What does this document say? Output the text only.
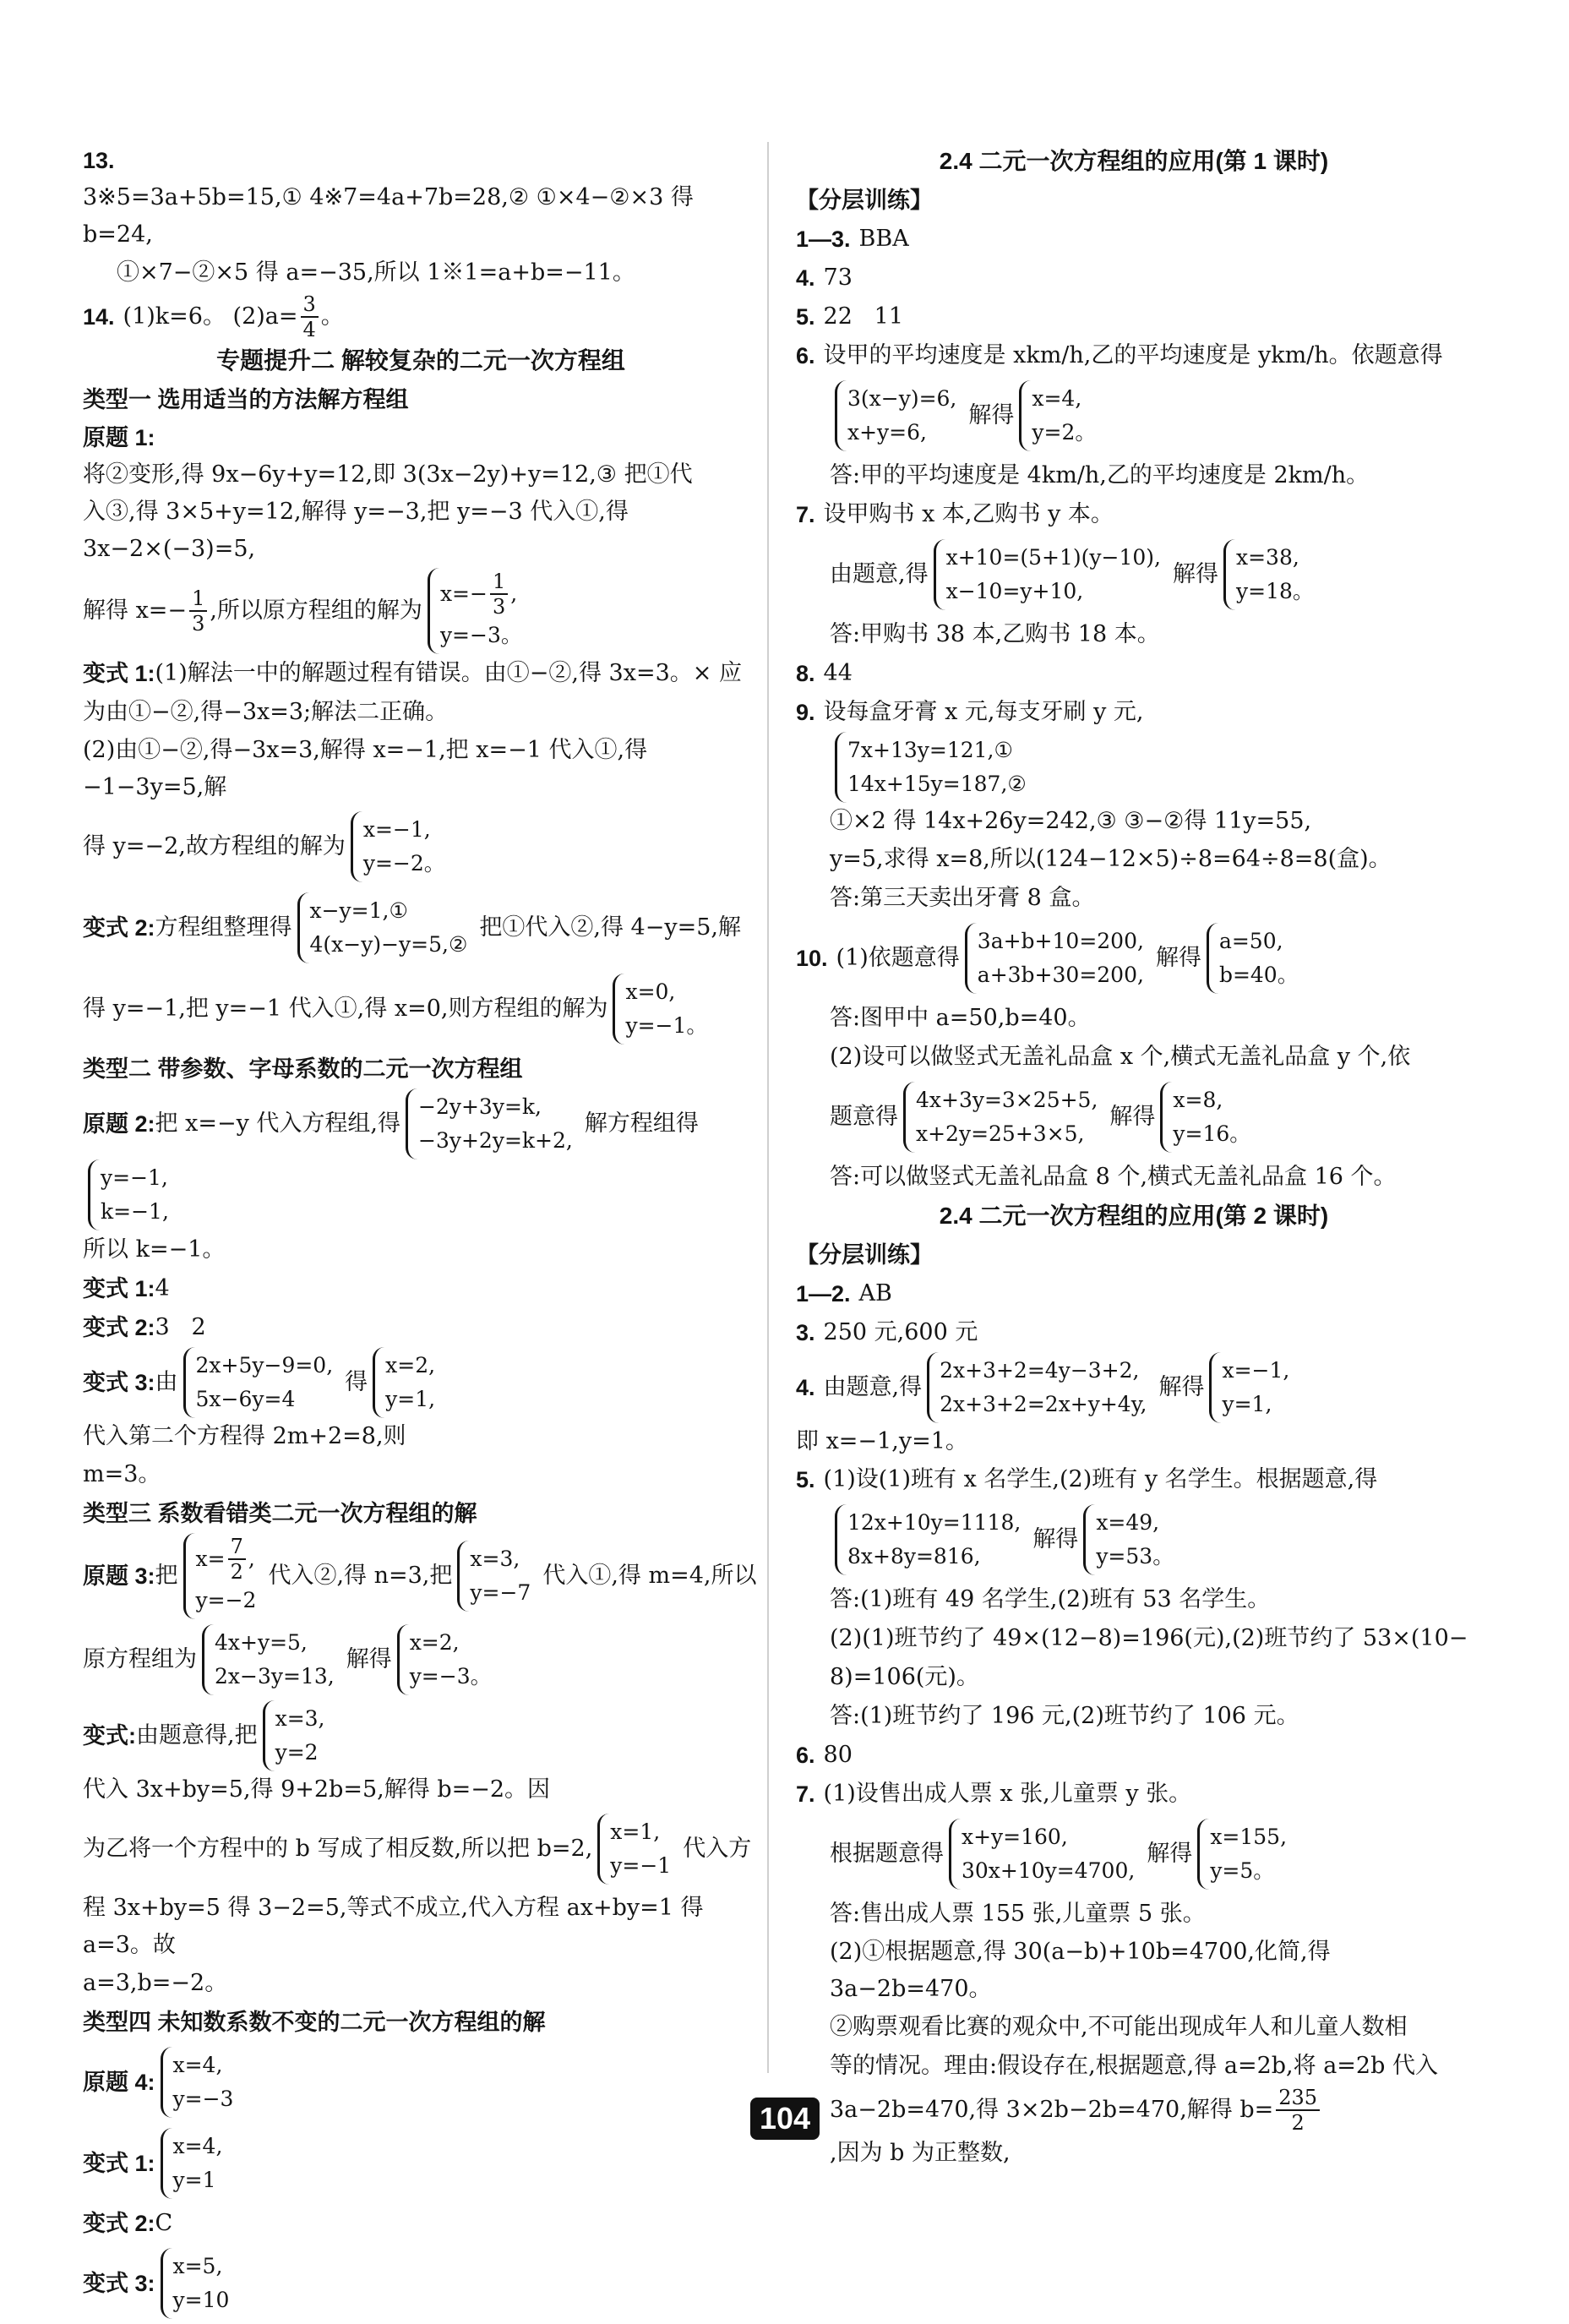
13.
3※5=3a+5b=15,① 4※7=4a+7b=28,② ①×4−②×3 得 b=24,
①×7−②×5 得 a=−35,所以 1※1=a+b=−11。
14. (1)k=6。 $(2)a= \frac{3}{4}$ 。
专题提升二 解较复杂的二元一次方程组
类型一 选用适当的方法解方程组
原题 1:
将②变形,得 9x−6y+y=12,即 3(3x−2y)+y=12,③ 把①代
入③,得 3×5+y=12,解得 y=−3,把 y=−3 代入①,得 3x−2×(−3)=5,
解得 $x=- \frac{1}{3}$ ,所以原方程组的解为
$x=- \frac{1}{3}$ ,
y=−3。
变式 1: (1)解法一中的解题过程有错误。由①−②,得 3x=3。× 应
为由①−②,得−3x=3;解法二正确。
(2)由①−②,得−3x=3,解得 x=−1,把 x=−1 代入①,得−1−3y=5,解
得 y=−2,故方程组的解为
x=−1,
y=−2。
变式 2: 方程组整理得
x−y=1,①
4(x−y)−y=5,②
把①代入②,得 4−y=5,解
得 y=−1,把 y=−1 代入①,得 x=0,则方程组的解为
x=0,
y=−1。
类型二 带参数、字母系数的二元一次方程组
原题 2: 把 x=−y 代入方程组,得
−2y+3y=k,
−3y+2y=k+2,
解方程组得
y=−1,
k=−1,
所以 k=−1。
变式 1: 4
变式 2: 3   2
变式 3: 由
2x+5y−9=0,
5x−6y=4
得
x=2,
y=1,
代入第二个方程得 2m+2=8,则
m=3。
类型三 系数看错类二元一次方程组的解
原题 3: 把
$x= \frac{7}{2}$ ,
y=−2
代入②,得 n=3,把
x=3,
y=−7
代入①,得 m=4,所以
原方程组为
4x+y=5,
2x−3y=13,
解得
x=2,
y=−3。
变式: 由题意得,把
x=3,
y=2
代入 3x+by=5,得 9+2b=5,解得 b=−2。因
为乙将一个方程中的 b 写成了相反数,所以把 b=2,
x=1,
y=−1
代入方
程 3x+by=5 得 3−2=5,等式不成立,代入方程 ax+by=1 得 a=3。故
a=3,b=−2。
类型四 未知数系数不变的二元一次方程组的解
原题 4:
x=4,
y=−3
变式 1:
x=4,
y=1
变式 2: C
变式 3:
x=5,
y=10
2.4 二元一次方程组的应用(第 1 课时)
【分层训练】
1—3. BBA
4. 73
5. 22   11
6. 设甲的平均速度是 xkm/h,乙的平均速度是 ykm/h。依题意得
3(x−y)=6,
x+y=6,
解得
x=4,
y=2。
答:甲的平均速度是 4km/h,乙的平均速度是 2km/h。
7. 设甲购书 x 本,乙购书 y 本。
由题意,得
x+10=(5+1)(y−10),
x−10=y+10,
解得
x=38,
y=18。
答:甲购书 38 本,乙购书 18 本。
8. 44
9. 设每盒牙膏 x 元,每支牙刷 y 元,
7x+13y=121,①
14x+15y=187,②
①×2 得 14x+26y=242,③ ③−②得 11y=55,
y=5,求得 x=8,所以(124−12×5)÷8=64÷8=8(盒)。
答:第三天卖出牙膏 8 盒。
10. (1)依题意得
3a+b+10=200,
a+3b+30=200,
解得
a=50,
b=40。
答:图甲中 a=50,b=40。
(2)设可以做竖式无盖礼品盒 x 个,横式无盖礼品盒 y 个,依
题意得
4x+3y=3×25+5,
x+2y=25+3×5,
解得
x=8,
y=16。
答:可以做竖式无盖礼品盒 8 个,横式无盖礼品盒 16 个。
2.4 二元一次方程组的应用(第 2 课时)
【分层训练】
1—2. AB
3. 250 元,600 元
4. 由题意,得
2x+3+2=4y−3+2,
2x+3+2=2x+y+4y,
解得
x=−1,
y=1,
即 x=−1,y=1。
5. (1)设(1)班有 x 名学生,(2)班有 y 名学生。根据题意,得
12x+10y=1118,
8x+8y=816,
解得
x=49,
y=53。
答:(1)班有 49 名学生,(2)班有 53 名学生。
(2)(1)班节约了 49×(12−8)=196(元),(2)班节约了 53×(10−
8)=106(元)。
答:(1)班节约了 196 元,(2)班节约了 106 元。
6. 80
7. (1)设售出成人票 x 张,儿童票 y 张。
根据题意得
x+y=160,
30x+10y=4700,
解得
x=155,
y=5。
答:售出成人票 155 张,儿童票 5 张。
(2)①根据题意,得 30(a−b)+10b=4700,化简,得 3a−2b=470。
②购票观看比赛的观众中,不可能出现成年人和儿童人数相
等的情况。理由:假设存在,根据题意,得 a=2b,将 a=2b 代入
3a−2b=470,得 3×2b−2b=470,解得 $b= \frac{235}{2}$
,因为 b 为正整数,
104
